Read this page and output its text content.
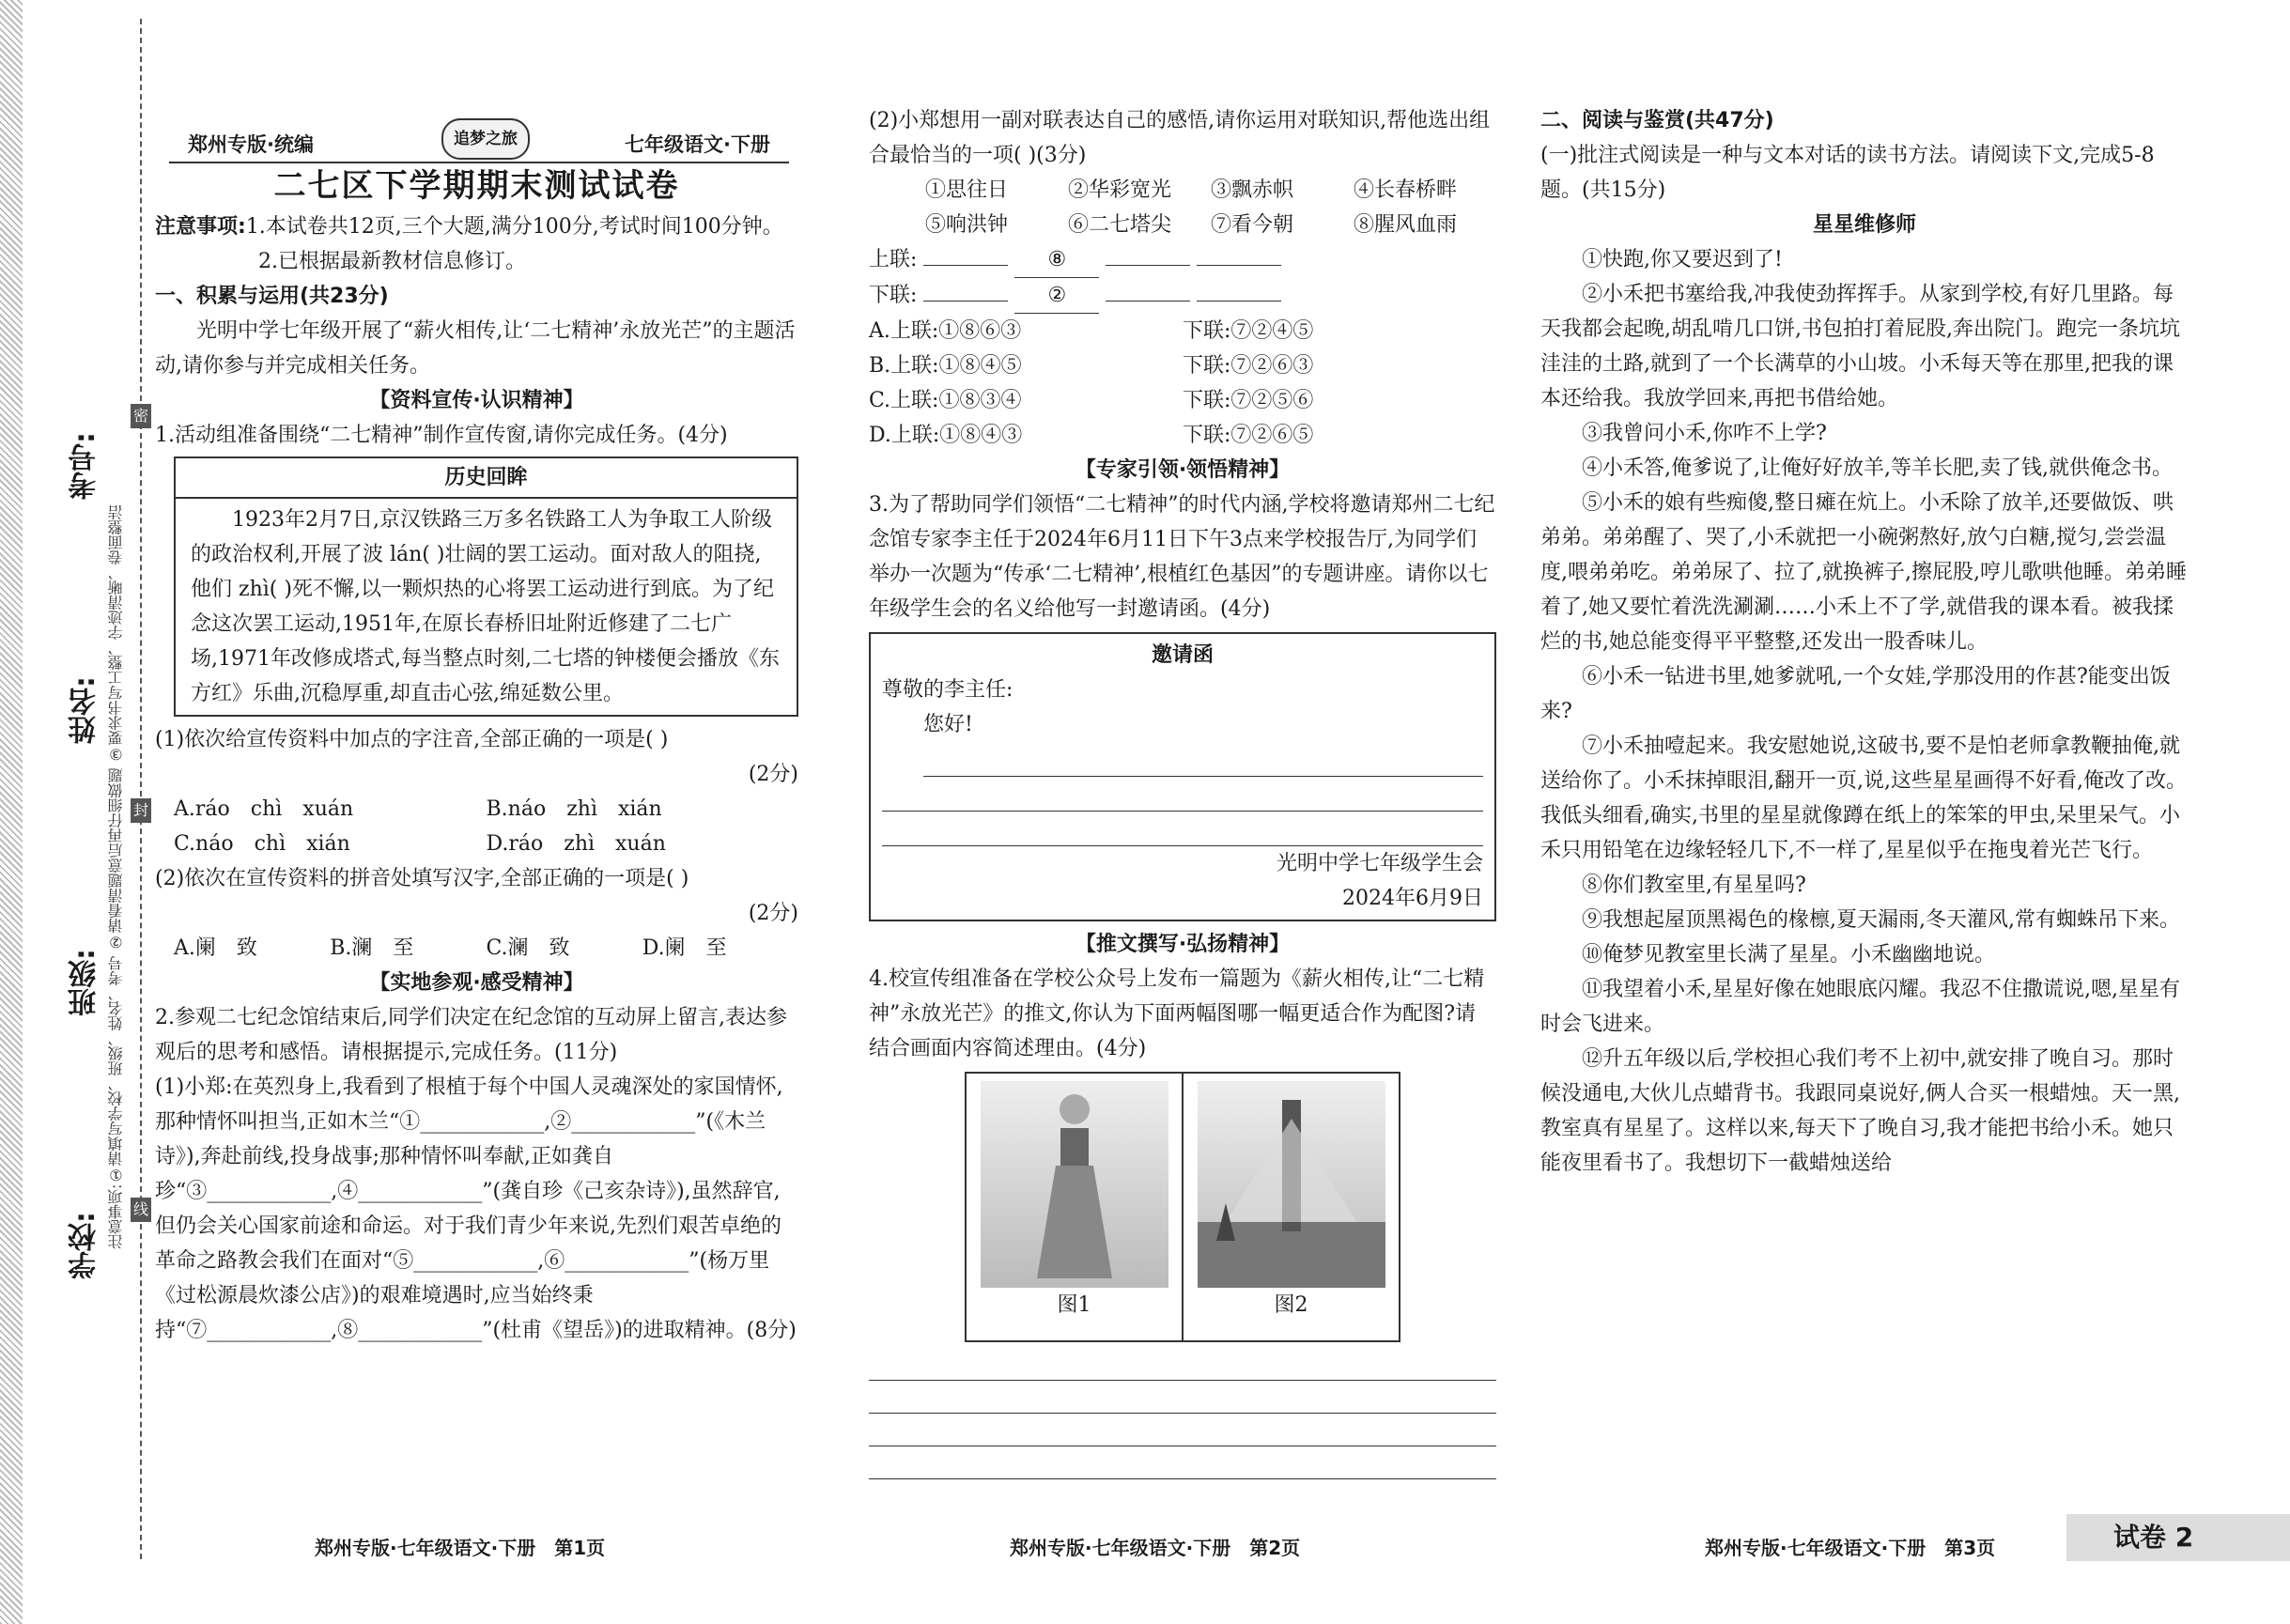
学校:
班级:
姓名:
考号:
注意事项:①请填写学校、班级、姓名、考号 ②请看清题意后再仔细做题 ③要求书写工整、字迹清晰、卷面整洁
密
封
线
郑州专版·统编	追梦之旅	七年级语文·下册
二七区下学期期末测试试卷

注意事项:1.本试卷共12页,三个大题,满分100分,考试时间100分钟。

2.已根据最新教材信息修订。

一、积累与运用(共23分)

光明中学七年级开展了“薪火相传,让‘二七精神’永放光芒”的主题活动,请你参与并完成相关任务。

【资料宣传·认识精神】

1.活动组准备围绕“二七精神”制作宣传窗,请你完成任务。(4分)

历史回眸
1923年2月7日,京汉铁路三万多名铁路工人为争取工人阶级的政治权利,开展了波 lán( )壮阔的罢工运动。面对敌人的阻挠,他们 zhì( )死不懈,以一颗炽热的心将罢工运动进行到底。为了纪念这次罢工运动,1951年,在原长春桥旧址附近修建了二七广场,1971年改修成塔式,每当整点时刻,二七塔的钟楼便会播放《东方红》乐曲,沉稳厚重,却直击心弦,绵延数公里。

(1)依次给宣传资料中加点的字注音,全部正确的一项是( )

(2分)

A.ráo　chì　xuán	B.náo　zhì　xián
C.náo　chì　xián	D.ráo　zhì　xuán

(2)依次在宣传资料的拼音处填写汉字,全部正确的一项是( )

(2分)

A.阑　致	B.澜　至	C.澜　致	D.阑　至

【实地参观·感受精神】

2.参观二七纪念馆结束后,同学们决定在纪念馆的互动屏上留言,表达参观后的思考和感悟。请根据提示,完成任务。(11分)

(1)小郑:在英烈身上,我看到了根植于每个中国人灵魂深处的家国情怀,那种情怀叫担当,正如木兰“①____________,②____________”(《木兰诗》),奔赴前线,投身战事;那种情怀叫奉献,正如龚自珍“③____________,④____________”(龚自珍《己亥杂诗》),虽然辞官,但仍会关心国家前途和命运。对于我们青少年来说,先烈们艰苦卓绝的革命之路教会我们在面对“⑤____________,⑥____________”(杨万里《过松源晨炊漆公店》)的艰难境遇时,应当始终秉持“⑦____________,⑧____________”(杜甫《望岳》)的进取精神。(8分)

(2)小郑想用一副对联表达自己的感悟,请你运用对联知识,帮他选出组合最恰当的一项( )(3分)

①思往日	②华彩宽光	③飘赤帜	④长春桥畔
⑤响洪钟	⑥二七塔尖	⑦看今朝	⑧腥风血雨

上联:	⑧

下联:	②

A.上联:①⑧⑥③	下联:⑦②④⑤
B.上联:①⑧④⑤	下联:⑦②⑥③
C.上联:①⑧③④	下联:⑦②⑤⑥
D.上联:①⑧④③	下联:⑦②⑥⑤

【专家引领·领悟精神】

3.为了帮助同学们领悟“二七精神”的时代内涵,学校将邀请郑州二七纪念馆专家李主任于2024年6月11日下午3点来学校报告厅,为同学们举办一次题为“传承‘二七精神’,根植红色基因”的专题讲座。请你以七年级学生会的名义给他写一封邀请函。(4分)

邀请函

尊敬的李主任:

您好!

光明中学七年级学生会

2024年6月9日

【推文撰写·弘扬精神】

4.校宣传组准备在学校公众号上发布一篇题为《薪火相传,让“二七精神”永放光芒》的推文,你认为下面两幅图哪一幅更适合作为配图?请结合画面内容简述理由。(4分)

图1	图2

二、阅读与鉴赏(共47分)

(一)批注式阅读是一种与文本对话的读书方法。请阅读下文,完成5-8题。(共15分)

星星维修师

①快跑,你又要迟到了!

②小禾把书塞给我,冲我使劲挥挥手。从家到学校,有好几里路。每天我都会起晚,胡乱啃几口饼,书包拍打着屁股,奔出院门。跑完一条坑坑洼洼的土路,就到了一个长满草的小山坡。小禾每天等在那里,把我的课本还给我。我放学回来,再把书借给她。

③我曾问小禾,你咋不上学?

④小禾答,俺爹说了,让俺好好放羊,等羊长肥,卖了钱,就供俺念书。

⑤小禾的娘有些痴傻,整日瘫在炕上。小禾除了放羊,还要做饭、哄弟弟。弟弟醒了、哭了,小禾就把一小碗粥熬好,放勺白糖,搅匀,尝尝温度,喂弟弟吃。弟弟尿了、拉了,就换裤子,擦屁股,哼儿歌哄他睡。弟弟睡着了,她又要忙着洗洗涮涮……小禾上不了学,就借我的课本看。被我揉烂的书,她总能变得平平整整,还发出一股香味儿。

⑥小禾一钻进书里,她爹就吼,一个女娃,学那没用的作甚?能变出饭来?

⑦小禾抽噎起来。我安慰她说,这破书,要不是怕老师拿教鞭抽俺,就送给你了。小禾抹掉眼泪,翻开一页,说,这些星星画得不好看,俺改了改。我低头细看,确实,书里的星星就像蹲在纸上的笨笨的甲虫,呆里呆气。小禾只用铅笔在边缘轻轻几下,不一样了,星星似乎在拖曳着光芒飞行。

⑧你们教室里,有星星吗?

⑨我想起屋顶黑褐色的椽檩,夏天漏雨,冬天灌风,常有蜘蛛吊下来。

⑩俺梦见教室里长满了星星。小禾幽幽地说。

⑪我望着小禾,星星好像在她眼底闪耀。我忍不住撒谎说,嗯,星星有时会飞进来。

⑫升五年级以后,学校担心我们考不上初中,就安排了晚自习。那时候没通电,大伙儿点蜡背书。我跟同桌说好,俩人合买一根蜡烛。天一黑,教室真有星星了。这样以来,每天下了晚自习,我才能把书给小禾。她只能夜里看书了。我想切下一截蜡烛送给

郑州专版·七年级语文·下册　第1页	郑州专版·七年级语文·下册　第2页	郑州专版·七年级语文·下册　第3页	试卷 2
